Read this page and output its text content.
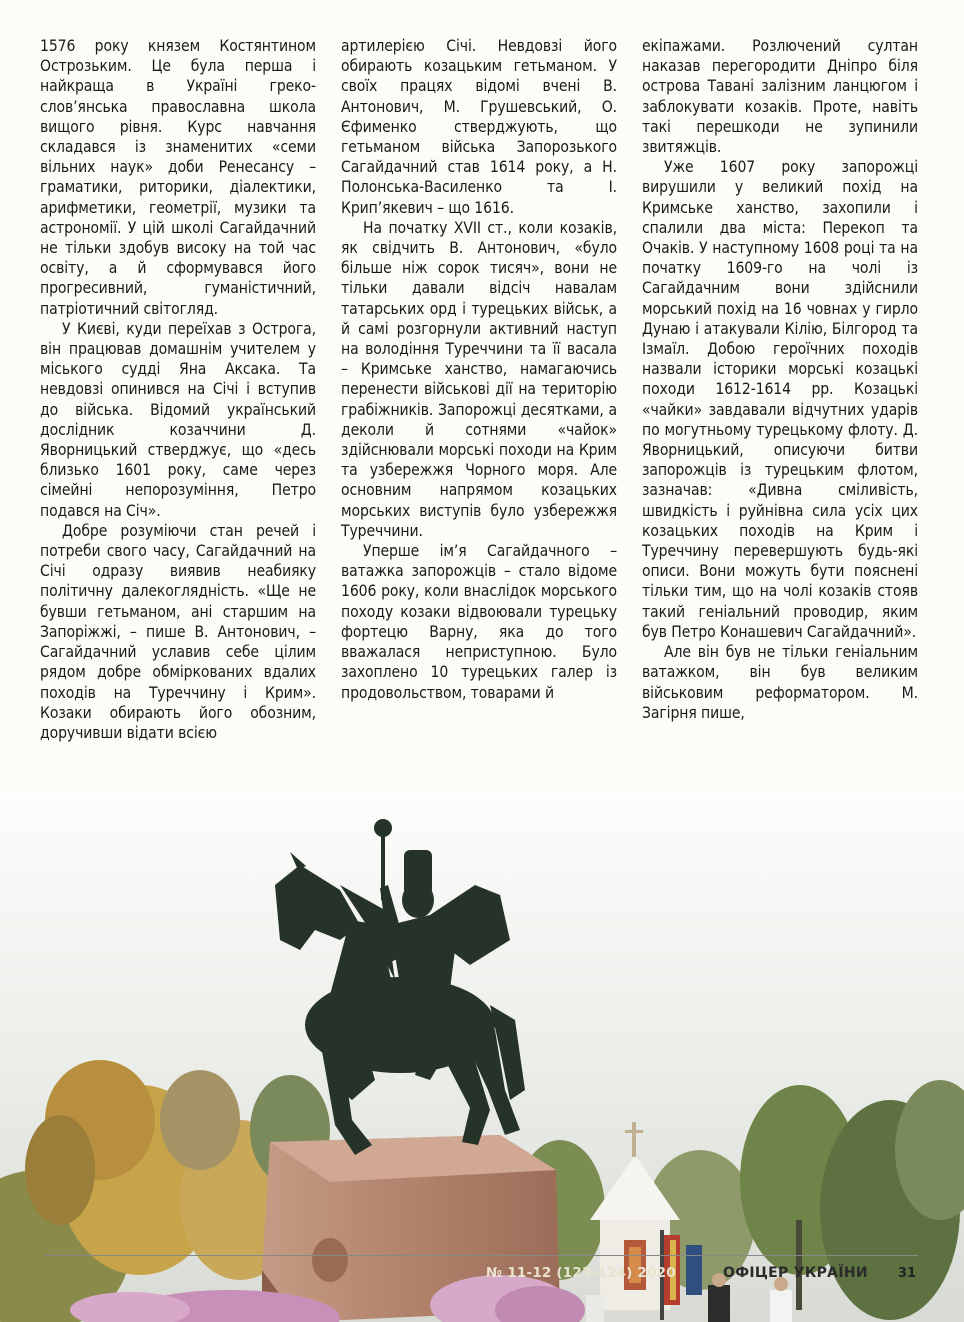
1576 року князем Костянтином Острозьким. Це була перша і найкраща в Україні греко-слов’янська православна школа вищого рівня. Курс навчання складався із знаменитих «семи вільних наук» доби Ренесансу – граматики, риторики, діалектики, арифметики, геометрії, музики та астрономії. У цій школі Сагайдачний не тільки здобув високу на той час освіту, а й сформувався його прогресивний, гуманістичний, патріотичний світогляд.

У Києві, куди переїхав з Острога, він працював домашнім учителем у міського судді Яна Аксака. Та невдовзі опинився на Січі і вступив до війська. Відомий український дослідник козаччини Д. Яворницький стверджує, що «десь близько 1601 року, саме через сімейні непорозуміння, Петро подався на Січ».

Добре розуміючи стан речей і потреби свого часу, Сагайдачний на Січі одразу виявив неабияку політичну далекоглядність. «Ще не бувши гетьманом, ані старшим на Запоріжжі, – пише В. Антонович, – Сагайдачний уславив себе цілим рядом добре обміркованих вдалих походів на Туреччину і Крим». Козаки обирають його обозним, доручивши відати всією

артилерією Січі. Невдовзі його обирають козацьким гетьманом. У своїх працях відомі вчені В. Антонович, М. Грушевський, О. Єфименко стверджують, що гетьманом війська Запорозького Сагайдачний став 1614 року, а Н. Полонська-Василенко та І. Крип’якевич – що 1616.

На початку XVII ст., коли козаків, як свідчить В. Антонович, «було більше ніж сорок тисяч», вони не тільки давали відсіч навалам татарських орд і турецьких військ, а й самі розгорнули активний наступ на володіння Туреччини та її васала – Кримське ханство, намагаючись перенести військові дії на територію грабіжників. Запорожці десятками, а деколи й сотнями «чайок» здійснювали морські походи на Крим та узбережжя Чорного моря. Але основним напрямом козацьких морських виступів було узбережжя Туреччини.

Уперше ім’я Сагайдачного – ватажка запорожців – стало відоме 1606 року, коли внаслідок морського походу козаки відвоювали турецьку фортецю Варну, яка до того вважалася неприступною. Було захоплено 10 турецьких галер із продовольством, товарами й

екіпажами. Розлючений султан наказав перегородити Дніпро біля острова Тавані залізним ланцюгом і заблокувати козаків. Проте, навіть такі перешкоди не зупинили звитяжців.

Уже 1607 року запорожці вирушили у великий похід на Кримське ханство, захопили і спалили два міста: Перекоп та Очаків. У наступному 1608 році та на початку 1609-го на чолі із Сагайдачним вони здійснили морський похід на 16 човнах у гирло Дунаю і атакували Кілію, Білгород та Ізмаїл. Добою героїчних походів назвали історики морські козацькі походи 1612-1614 рр. Козацькі «чайки» завдавали відчутних ударів по могутньому турецькому флоту. Д. Яворницький, описуючи битви запорожців із турецьким флотом, зазначав: «Дивна сміливість, швидкість і руйнівна сила усіх цих козацьких походів на Крим і Туреччину перевершують будь-які описи. Вони можуть бути пояснені тільки тим, що на чолі козаків стояв такий геніальний проводир, яким був Петро Конашевич Сагайдачний».

Але він був не тільки геніальним ватажком, він був великим військовим реформатором. М. Загірня пише,

№ 11-12 (123-124) 2020	ОФІЦЕР УКРАЇНИ 31
